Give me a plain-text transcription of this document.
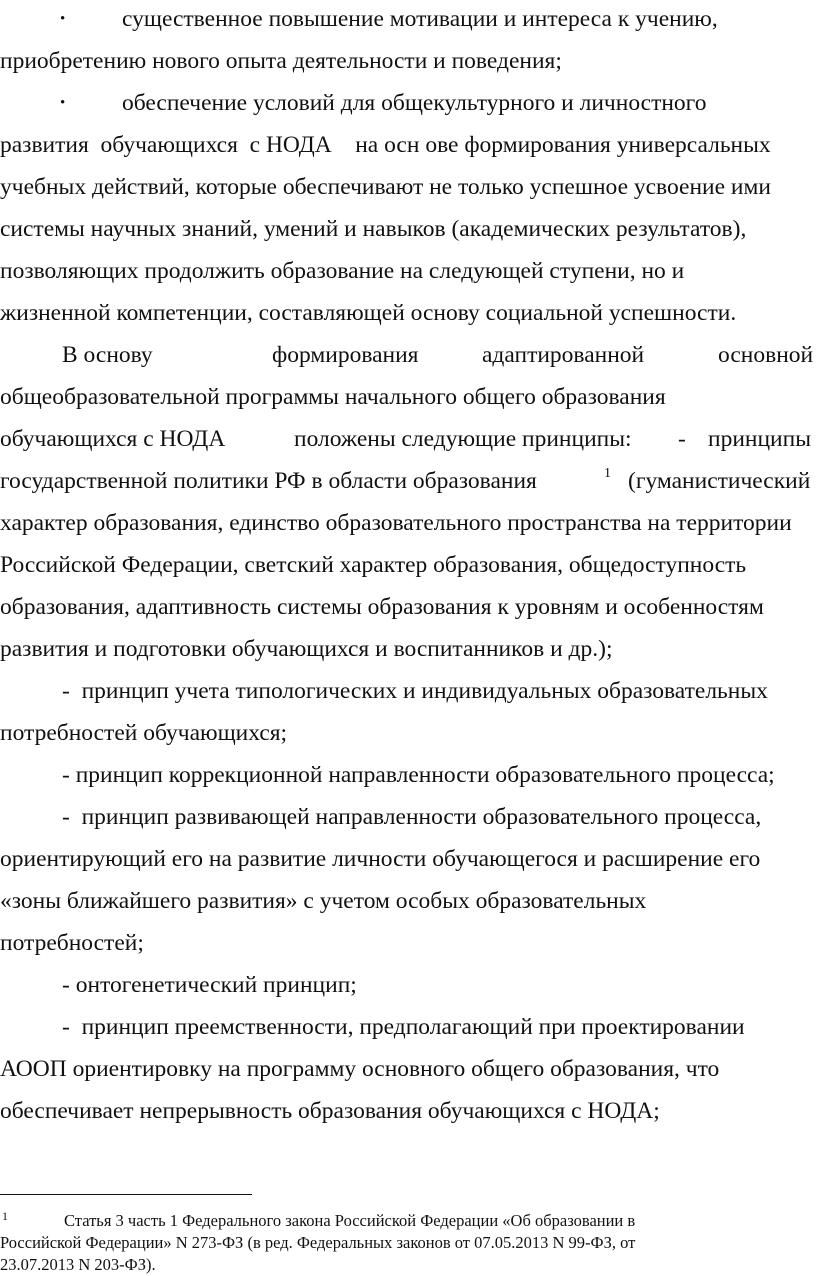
• существенное повышение мотивации и интереса к учению,
приобретению нового опыта деятельности и поведения;
• обеспечение условий для общекультурного и личностного
развития  обучающихся  с НОДА    на осн ове формирования универсальных
учебных действий, которые обеспечивают не только успешное усвоение ими
системы научных знаний, умений и навыков (академических результатов),
позволяющих продолжить образование на следующей ступени, но и
жизненной компетенции, составляющей основу социальной успешности.
В основу	формирования	адаптированной	основной
общеобразовательной программы начального общего образования
обучающихся с НОДА	положены следующие принципы: - принципы
государственной политики РФ в области образования	1 (гуманистический
характер образования, единство образовательного пространства на территории
Российской Федерации, светский характер образования, общедоступность
образования, адаптивность системы образования к уровням и особенностям
развития и подготовки обучающихся и воспитанников и др.);
-  принцип учета типологических и индивидуальных образовательных
потребностей обучающихся;
- принцип коррекционной направленности образовательного процесса;
-  принцип развивающей направленности образовательного процесса,
ориентирующий его на развитие личности обучающегося и расширение его
«зоны ближайшего развития» с учетом особых образовательных
потребностей;
- онтогенетический принцип;
-  принцип преемственности, предполагающий при проектировании
АООП ориентировку на программу основного общего образования, что
обеспечивает непрерывность образования обучающихся с НОДА;
1	Статья 3 часть 1 Федерального закона Российской Федерации «Об образовании в
Российской Федерации» N 273-ФЗ (в ред. Федеральных законов от 07.05.2013 N 99-ФЗ, от
23.07.2013 N 203-ФЗ).
